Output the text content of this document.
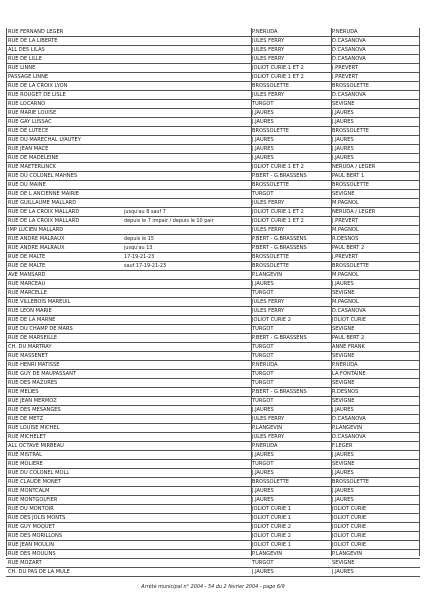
RUE FERNAND LEGER	P.NERUDA	P.NERUDA
RUE DE LA LIBERTE	JULES FERRY	D.CASANOVA
ALL DES LILAS	JULES FERRY	D.CASANOVA
RUE DE LILLE	JULES FERRY	D.CASANOVA
RUE LINNE	JOLIOT CURIE 1 ET 2	J.PREVERT
PASSAGE LINNE	JOLIOT CURIE 1 ET 2	J.PREVERT
RUE DE LA CROIX LYON	BROSSOLETTE	BROSSOLETTE
RUE ROUGET DE LISLE	JULES FERRY	D.CASANOVA
RUE LOCARNO	TURGOT	SEVIGNE
RUE MARIE LOUISE	J.JAURES	J.JAURES
RUE GAY LUSSAC	J.JAURES	J.JAURES
RUE DE LUTECE	BROSSOLETTE	BROSSOLETTE
RUE DU MARECHAL LYAUTEY	J.JAURES	J.JAURES
RUE JEAN MACE	J.JAURES	J.JAURES
RUE DE MADELEINE	J.JAURES	J.JAURES
RUE MAETERLINCK	JOLIOT CURIE 1 ET 2	NERUDA / LEGER
RUE DU COLONEL MAHNES	P.BERT - G.BRASSENS	PAUL BERT 1
RUE DU MAINE	BROSSOLETTE	BROSSOLETTE
RUE DE L ANCIENNE MAIRIE	TURGOT	SEVIGNE
RUE GUILLAUME MALLARD	JULES FERRY	M.PAGNOL
RUE DE LA CROIX MALLARD	jusqu'au 8 sauf 7	JOLIOT CURIE 1 ET 2	NERUDA / LEGER
RUE DE LA CROIX MALLARD	depuis le 7 impair / depuis le 10 pair	JOLIOT CURIE 1 ET 2	J.PREVERT
IMP LUCIEN MALLARD	JULES FERRY	M.PAGNOL
RUE ANDRE MALRAUX	depuis le 15	P.BERT - G.BRASSENS	R.DESNOS
RUE ANDRE MALRAUX	jusqu'au 13	P.BERT - G.BRASSENS	PAUL BERT 2
RUE DE MALTE	17-19-21-23	BROSSOLETTE	J.PREVERT
RUE DE MALTE	sauf 17-19-21-23	BROSSOLETTE	BROSSOLETTE
AVE MANSARD	P.LANGEVIN	M.PAGNOL
RUE MARCEAU	J.JAURES	J.JAURES
RUE MARCELLE	TURGOT	SEVIGNE
RUE VILLEBOIS MAREUIL	JULES FERRY	M.PAGNOL
RUE LEON MARIE	JULES FERRY	D.CASANOVA
RUE DE LA MARNE	JOLIOT CURIE 2	JOLIOT CURIE
RUE DU CHAMP DE MARS	TURGOT	SEVIGNE
RUE DE MARSEILLE	P.BERT - G.BRASSENS	PAUL BERT 2
CH. DU MARTRAY	TURGOT	ANNE FRANK
RUE MASSENET	TURGOT	SEVIGNE
RUE HENRI MATISSE	P.NERUDA	P.NERUDA
RUE GUY DE MAUPASSANT	TURGOT	LA FONTAINE
RUE DES MAZURES	TURGOT	SEVIGNE
RUE MELIES	P.BERT - G.BRASSENS	R.DESNOS
RUE JEAN MERMOZ	TURGOT	SEVIGNE
RUE DES MESANGES	J.JAURES	J.JAURES
RUE DE METZ	JULES FERRY	D.CASANOVA
RUE LOUISE MICHEL	P.LANGEVIN	P.LANGEVIN
RUE MICHELET	JULES FERRY	D.CASANOVA
ALL OCTAVE MIRBEAU	P.NERUDA	F.LEGER
RUE MISTRAL	J.JAURES	J.JAURES
RUE MOLIERE	TURGOT	SEVIGNE
RUE DU COLONEL MOLL	J.JAURES	J.JAURES
RUE CLAUDE MONET	BROSSOLETTE	BROSSOLETTE
RUE MONTCALM	J.JAURES	J.JAURES
RUE MONTGOLFIER	J.JAURES	J.JAURES
RUE DU MONTOIR	JOLIOT CURIE 1	JOLIOT CURIE
RUE DES JOLIS MONTS	JOLIOT CURIE 1	JOLIOT CURIE
RUE GUY MOQUET	JOLIOT CURIE 2	JOLIOT CURIE
RUE DES MORILLONS	JOLIOT CURIE 2	JOLIOT CURIE
RUE JEAN MOULIN	JOLIOT CURIE 1	JOLIOT CURIE
RUE DES MOULINS	P.LANGEVIN	P.LANGEVIN
RUE MOZART	TURGOT	SEVIGNE
CH. DU PAS DE LA MULE	J.JAURES	J.JAURES
Arrêté municipal n° 2004 - 54 du 2 février 2004 - page 6/9
